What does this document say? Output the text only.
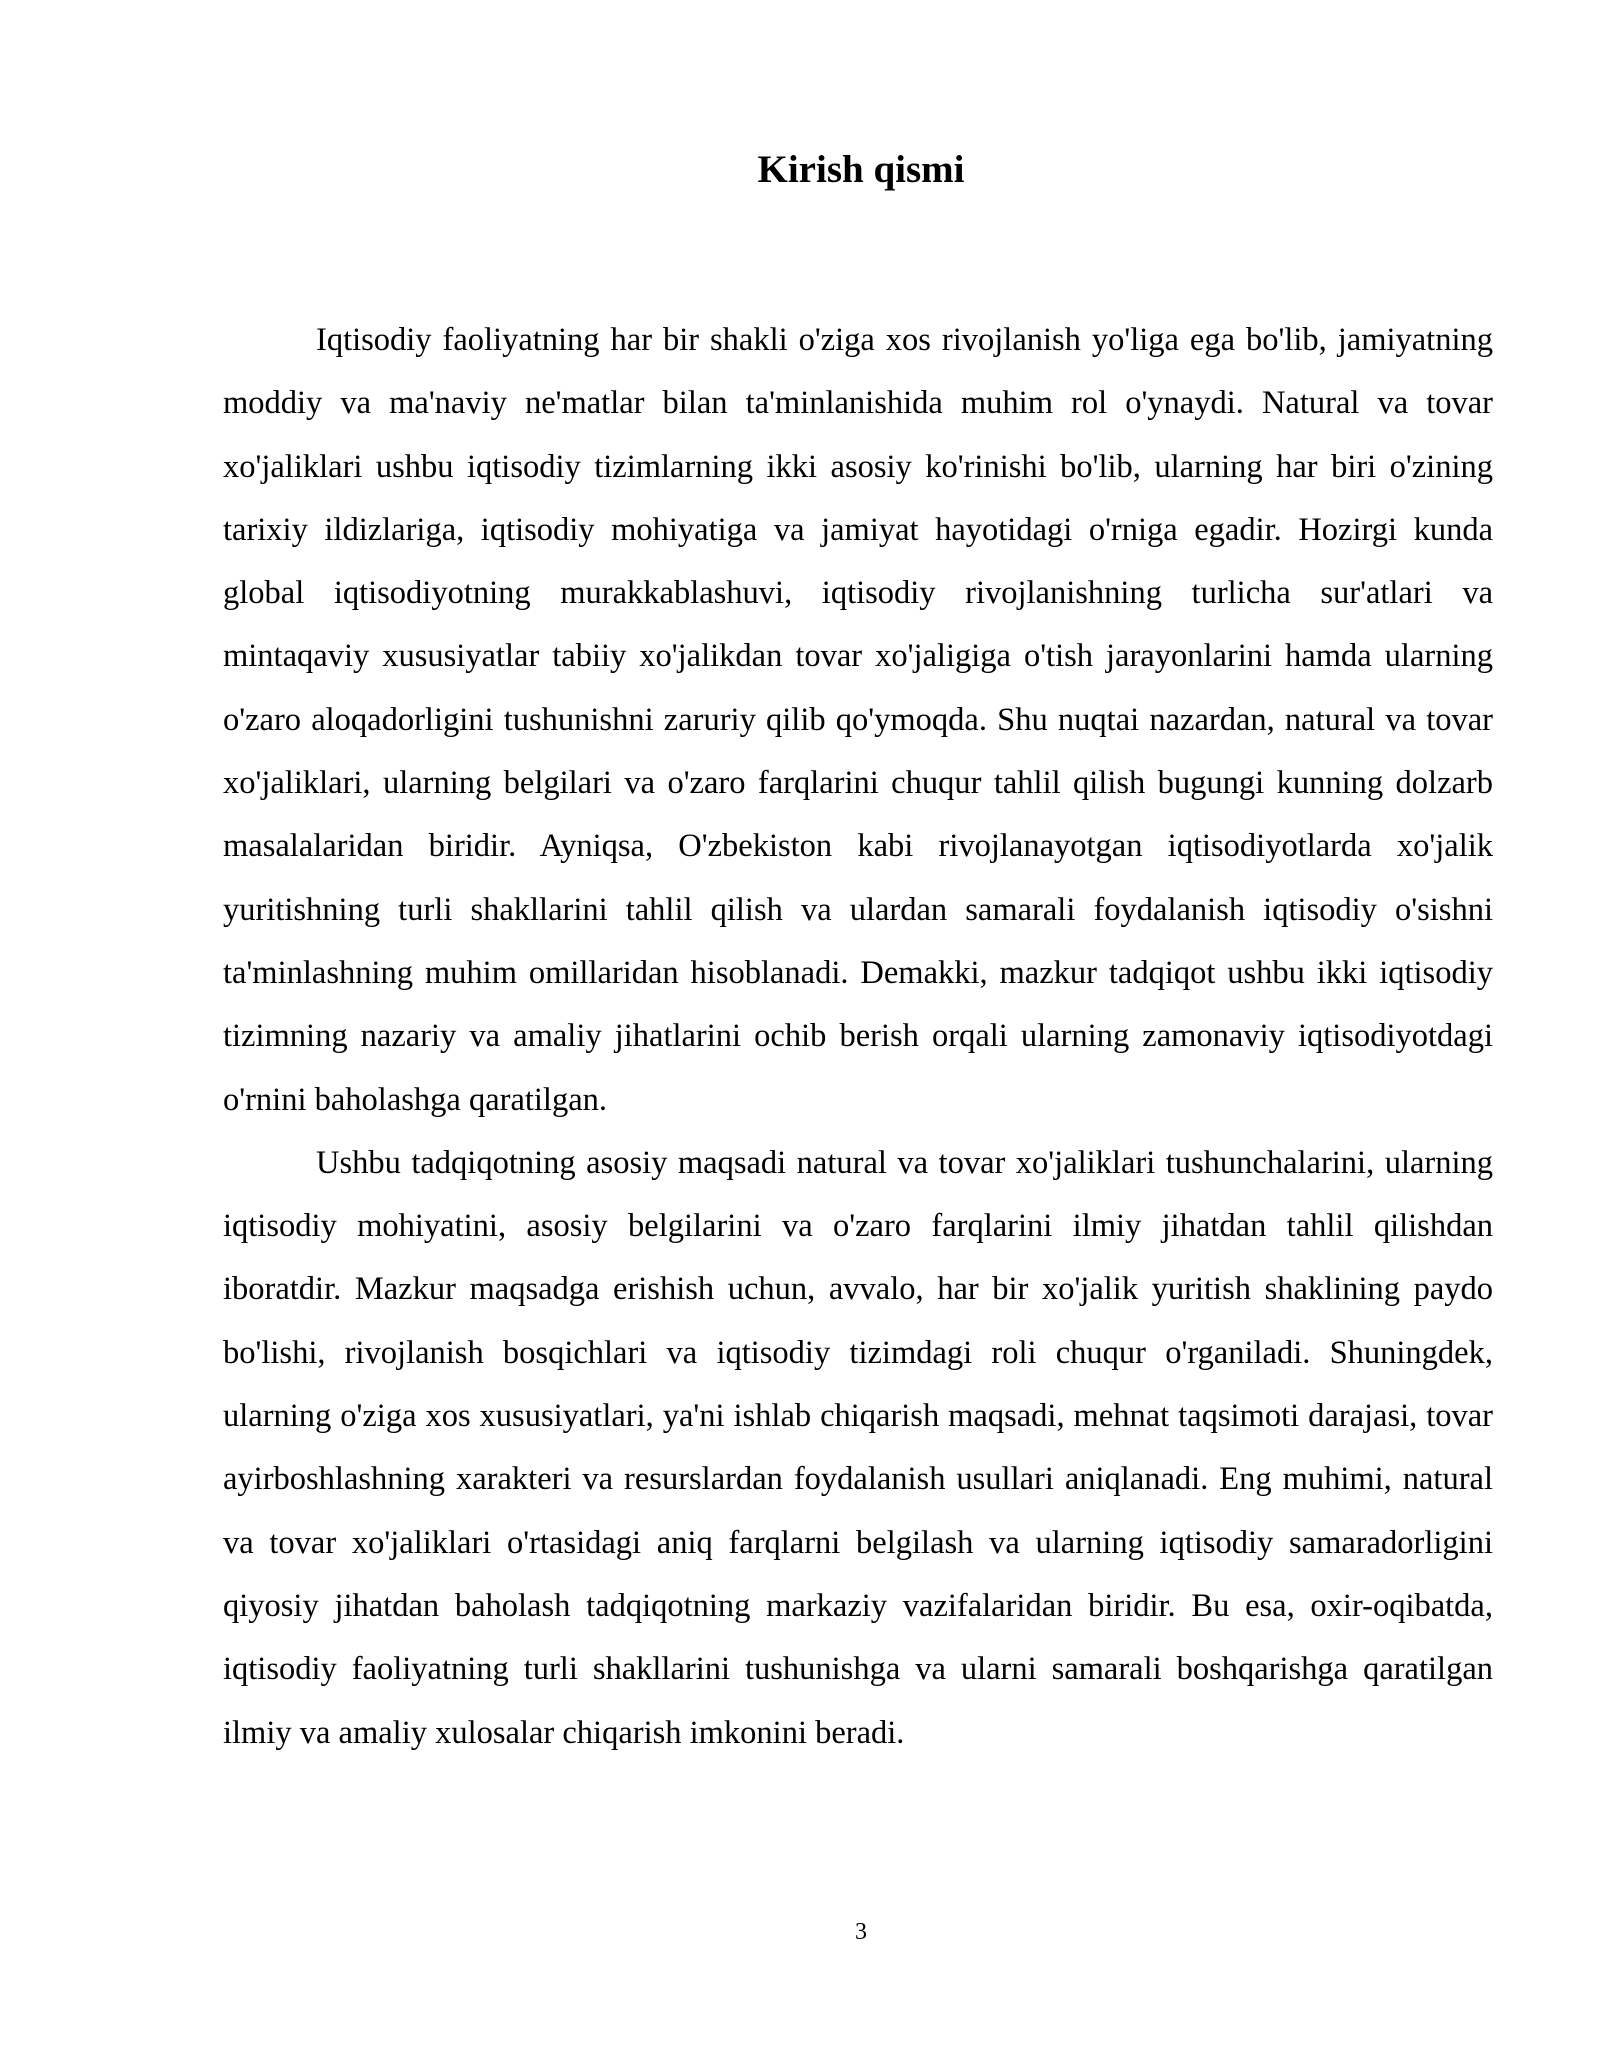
Kirish qismi

Iqtisodiy faoliyatning har bir shakli o'ziga xos rivojlanish yo'liga ega bo'lib, jamiyatning moddiy va ma'naviy ne'matlar bilan ta'minlanishida muhim rol o'ynaydi. Natural va tovar xo'jaliklari ushbu iqtisodiy tizimlarning ikki asosiy ko'rinishi bo'lib, ularning har biri o'zining tarixiy ildizlariga, iqtisodiy mohiyatiga va jamiyat hayotidagi o'rniga egadir. Hozirgi kunda global iqtisodiyotning murakkablashuvi, iqtisodiy rivojlanishning turlicha sur'atlari va mintaqaviy xususiyatlar tabiiy xo'jalikdan tovar xo'jaligiga o'tish jarayonlarini hamda ularning o'zaro aloqadorligini tushunishni zaruriy qilib qo'ymoqda. Shu nuqtai nazardan, natural va tovar xo'jaliklari, ularning belgilari va o'zaro farqlarini chuqur tahlil qilish bugungi kunning dolzarb masalalaridan biridir. Ayniqsa, O'zbekiston kabi rivojlanayotgan iqtisodiyotlarda xo'jalik yuritishning turli shakllarini tahlil qilish va ulardan samarali foydalanish iqtisodiy o'sishni ta'minlashning muhim omillaridan hisoblanadi. Demakki, mazkur tadqiqot ushbu ikki iqtisodiy tizimning nazariy va amaliy jihatlarini ochib berish orqali ularning zamonaviy iqtisodiyotdagi o'rnini baholashga qaratilgan.

Ushbu tadqiqotning asosiy maqsadi natural va tovar xo'jaliklari tushunchalarini, ularning iqtisodiy mohiyatini, asosiy belgilarini va o'zaro farqlarini ilmiy jihatdan tahlil qilishdan iboratdir. Mazkur maqsadga erishish uchun, avvalo, har bir xo'jalik yuritish shaklining paydo bo'lishi, rivojlanish bosqichlari va iqtisodiy tizimdagi roli chuqur o'rganiladi. Shuningdek, ularning o'ziga xos xususiyatlari, ya'ni ishlab chiqarish maqsadi, mehnat taqsimoti darajasi, tovar ayirboshlashning xarakteri va resurslardan foydalanish usullari aniqlanadi. Eng muhimi, natural va tovar xo'jaliklari o'rtasidagi aniq farqlarni belgilash va ularning iqtisodiy samaradorligini qiyosiy jihatdan baholash tadqiqotning markaziy vazifalaridan biridir. Bu esa, oxir-oqibatda, iqtisodiy faoliyatning turli shakllarini tushunishga va ularni samarali boshqarishga qaratilgan ilmiy va amaliy xulosalar chiqarish imkonini beradi.

3
